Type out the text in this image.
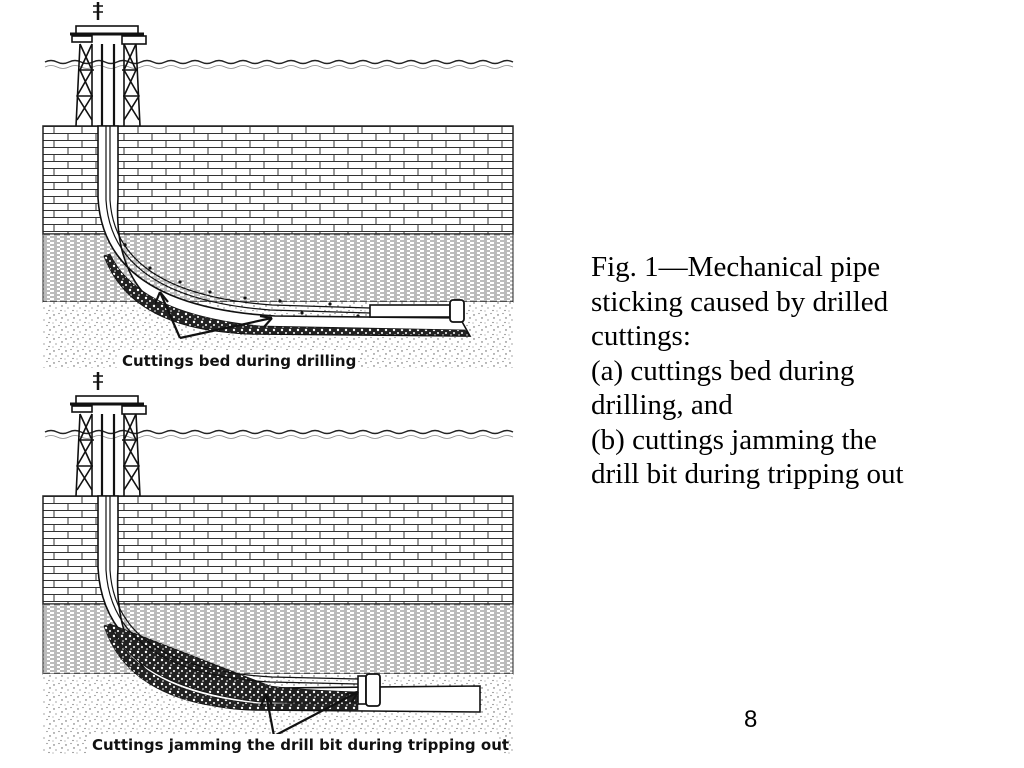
Cuttings bed during drilling
Cuttings jamming the drill bit during tripping out
Fig. 1—Mechanical pipe
sticking caused by drilled
cuttings:
(a) cuttings bed during
drilling, and
(b) cuttings jamming the
drill bit during tripping out
8
